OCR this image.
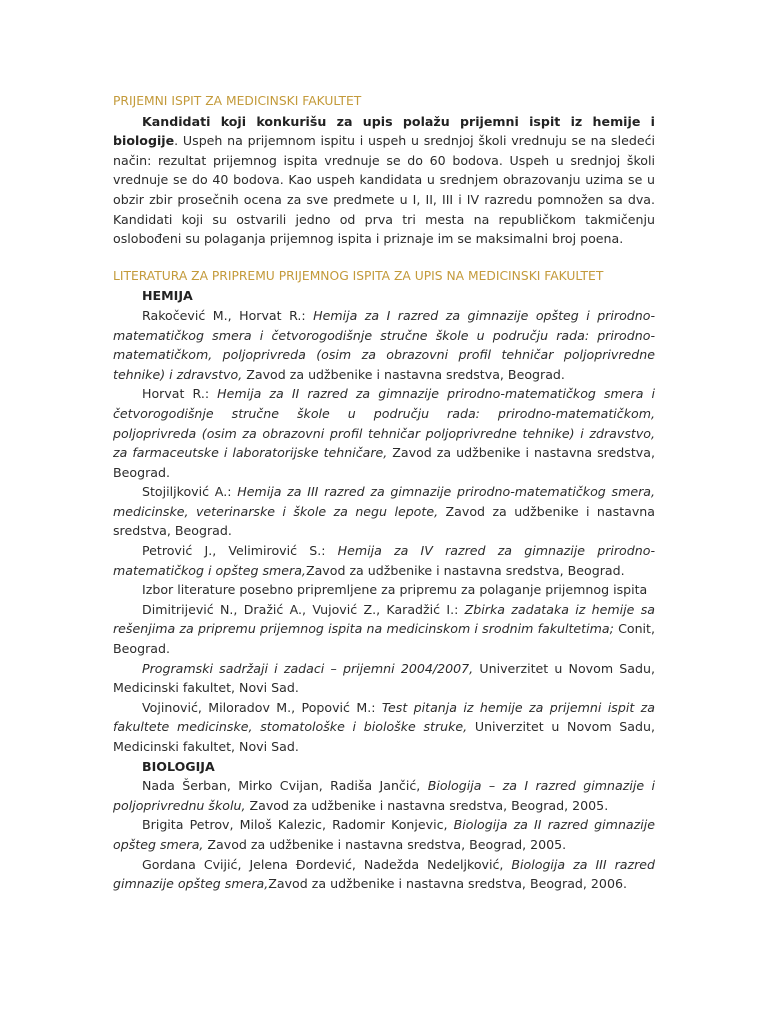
PRIJEMNI ISPIT ZA MEDICINSKI FAKULTET

Kandidati koji konkurišu za upis polažu prijemni ispit iz hemije i biologije. Uspeh na prijemnom ispitu i uspeh u srednjoj školi vrednuju se na sledeći način: rezultat prijemnog ispita vrednuje se do 60 bodova. Uspeh u srednjoj školi vrednuje se do 40 bodova. Kao uspeh kandidata u srednjem obrazovanju uzima se u obzir zbir prosečnih ocena za sve predmete u I, II, III i IV razredu pomnožen sa dva. Kandidati koji su ostvarili jedno od prva tri mesta na republičkom takmičenju oslobođeni su polaganja prijemnog ispita i priznaje im se maksimalni broj poena.

LITERATURA ZA PRIPREMU PRIJEMNOG ISPITA ZA UPIS NA MEDICINSKI FAKULTET

HEMIJA

Rakočević M., Horvat R.: Hemija za I razred za gimnazije opšteg i prirodno-matematičkog smera i četvorogodišnje stručne škole u području rada: prirodno-matematičkom, poljoprivreda (osim za obrazovni profil tehničar poljoprivredne tehnike) i zdravstvo, Zavod za udžbenike i nastavna sredstva, Beograd.

Horvat R.: Hemija za II razred za gimnazije prirodno-matematičkog smera i četvorogodišnje stručne škole u području rada: prirodno-matematičkom, poljoprivreda (osim za obrazovni profil tehničar poljoprivredne tehnike) i zdravstvo, za farmaceutske i laboratorijske tehničare, Zavod za udžbenike i nastavna sredstva, Beograd.

Stojiljković A.: Hemija za III razred za gimnazije prirodno-matematičkog smera, medicinske, veterinarske i škole za negu lepote, Zavod za udžbenike i nastavna sredstva, Beograd.

Petrović J., Velimirović S.: Hemija za IV razred za gimnazije prirodno-matematičkog i opšteg smera,Zavod za udžbenike i nastavna sredstva, Beograd.

Izbor literature posebno pripremljene za pripremu za polaganje prijemnog ispita

Dimitrijević N., Dražić A., Vujović Z., Karadžić I.: Zbirka zadataka iz hemije sa rešenjima za pripremu prijemnog ispita na medicinskom i srodnim fakultetima; Conit, Beograd.

Programski sadržaji i zadaci – prijemni 2004/2007, Univerzitet u Novom Sadu, Medicinski fakultet, Novi Sad.

Vojinović, Miloradov M., Popović M.: Test pitanja iz hemije za prijemni ispit za fakultete medicinske, stomatološke i biološke struke, Univerzitet u Novom Sadu, Medicinski fakultet, Novi Sad.

BIOLOGIJA

Nada Šerban, Mirko Cvijan, Radiša Jančić, Biologija – za I razred gimnazije i poljoprivrednu školu, Zavod za udžbenike i nastavna sredstva, Beograd, 2005.

Brigita Petrov, Miloš Kalezic, Radomir Konjevic, Biologija za II razred gimnazije opšteg smera, Zavod za udžbenike i nastavna sredstva, Beograd, 2005.

Gordana Cvijić, Jelena Đordević, Nadežda Nedeljković, Biologija za III razred gimnazije opšteg smera,Zavod za udžbenike i nastavna sredstva, Beograd, 2006.
